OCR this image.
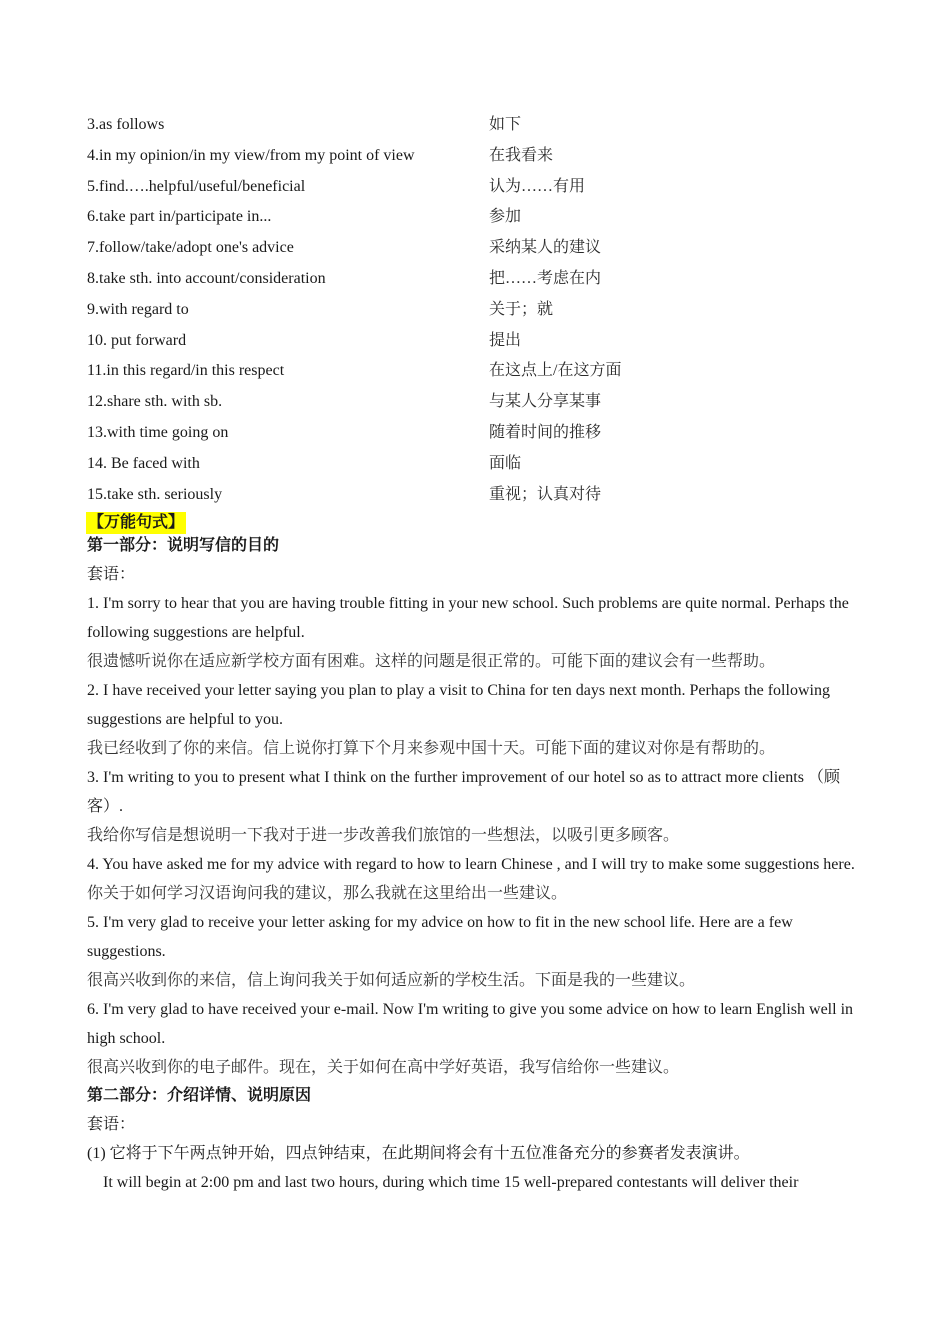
3.as follows	如下
4.in my opinion/in my view/from my point of view	在我看来
5.find.….helpful/useful/beneficial	认为……有用
6.take part in/participate in...	参加
7.follow/take/adopt one's advice	采纳某人的建议
8.take sth. into account/consideration	把……考虑在内
9.with regard to	关于；就
10. put forward	提出
11.in this regard/in this respect	在这点上/在这方面
12.share sth. with sb.	与某人分享某事
13.with time going on	随着时间的推移
14. Be faced with	面临
15.take sth. seriously	重视；认真对待
【万能句式】
第一部分：说明写信的目的
套语：
1. I'm sorry to hear that you are having trouble fitting in your new school. Such problems are quite normal. Perhaps the following suggestions are helpful.
很遗憾听说你在适应新学校方面有困难。这样的问题是很正常的。可能下面的建议会有一些帮助。
2. I have received your letter saying you plan to play a visit to China for ten days next month. Perhaps the following suggestions are helpful to you.
我已经收到了你的来信。信上说你打算下个月来参观中国十天。可能下面的建议对你是有帮助的。
3. I'm writing to you to present what I think on the further improvement of our hotel so as to attract more clients （顾客）.
我给你写信是想说明一下我对于进一步改善我们旅馆的一些想法，以吸引更多顾客。
4. You have asked me for my advice with regard to how to learn Chinese , and I will try to make some suggestions here.
你关于如何学习汉语询问我的建议，那么我就在这里给出一些建议。
5. I'm very glad to receive your letter asking for my advice on how to fit in the new school life. Here are a few suggestions.
很高兴收到你的来信，信上询问我关于如何适应新的学校生活。下面是我的一些建议。
6. I'm very glad to have received your e-mail. Now I'm writing to give you some advice on how to learn English well in high school.
很高兴收到你的电子邮件。现在，关于如何在高中学好英语，我写信给你一些建议。
第二部分：介绍详情、说明原因
套语：
(1) 它将于下午两点钟开始，四点钟结束，在此期间将会有十五位准备充分的参赛者发表演讲。
It will begin at 2:00 pm and last two hours, during which time 15 well-prepared contestants will deliver their
